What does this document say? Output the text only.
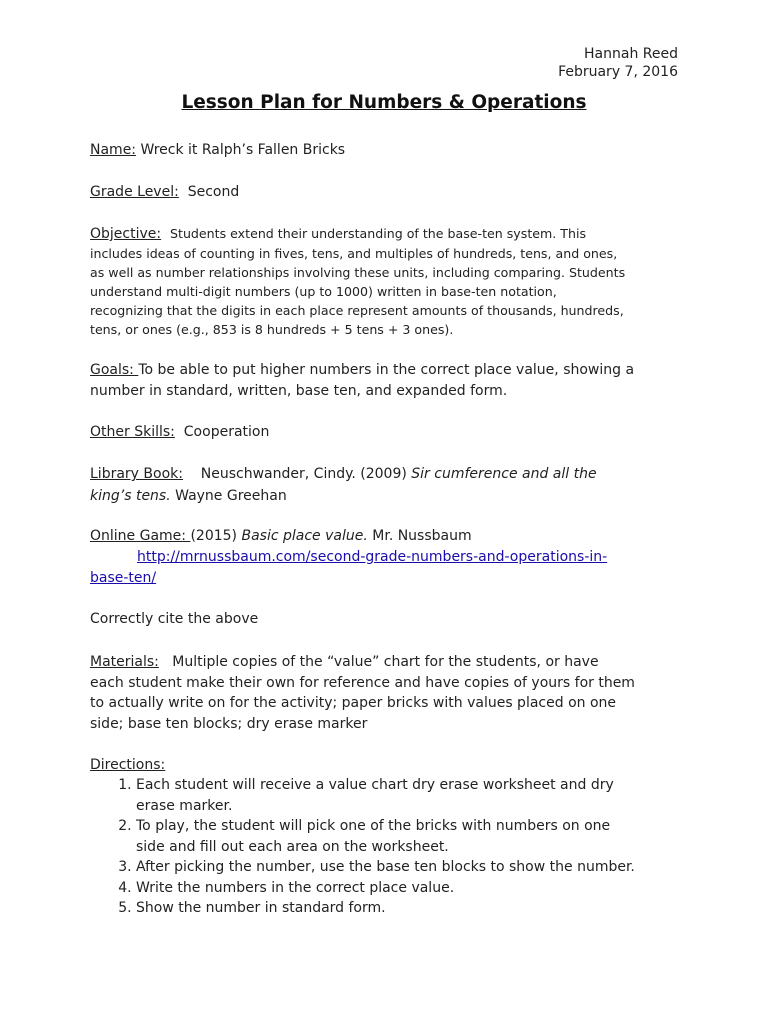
Hannah Reed
February 7, 2016
Lesson Plan for Numbers & Operations
Name: Wreck it Ralph’s Fallen Bricks
Grade Level: Second
Objective: Students extend their understanding of the base-ten system. This
includes ideas of counting in fives, tens, and multiples of hundreds, tens, and ones,
as well as number relationships involving these units, including comparing. Students
understand multi-digit numbers (up to 1000) written in base-ten notation,
recognizing that the digits in each place represent amounts of thousands, hundreds,
tens, or ones (e.g., 853 is 8 hundreds + 5 tens + 3 ones).
Goals: To be able to put higher numbers in the correct place value, showing a
number in standard, written, base ten, and expanded form.
Other Skills: Cooperation
Library Book: Neuschwander, Cindy. (2009) Sir cumference and all the
king’s tens. Wayne Greehan
Online Game: (2015) Basic place value. Mr. Nussbaum
http://mrnussbaum.com/second-grade-numbers-and-operations-in-
base-ten/
Correctly cite the above
Materials: Multiple copies of the “value” chart for the students, or have
each student make their own for reference and have copies of yours for them
to actually write on for the activity; paper bricks with values placed on one
side; base ten blocks; dry erase marker
Directions:
1. Each student will receive a value chart dry erase worksheet and dry
erase marker.
2. To play, the student will pick one of the bricks with numbers on one
side and fill out each area on the worksheet.
3. After picking the number, use the base ten blocks to show the number.
4. Write the numbers in the correct place value.
5. Show the number in standard form.
